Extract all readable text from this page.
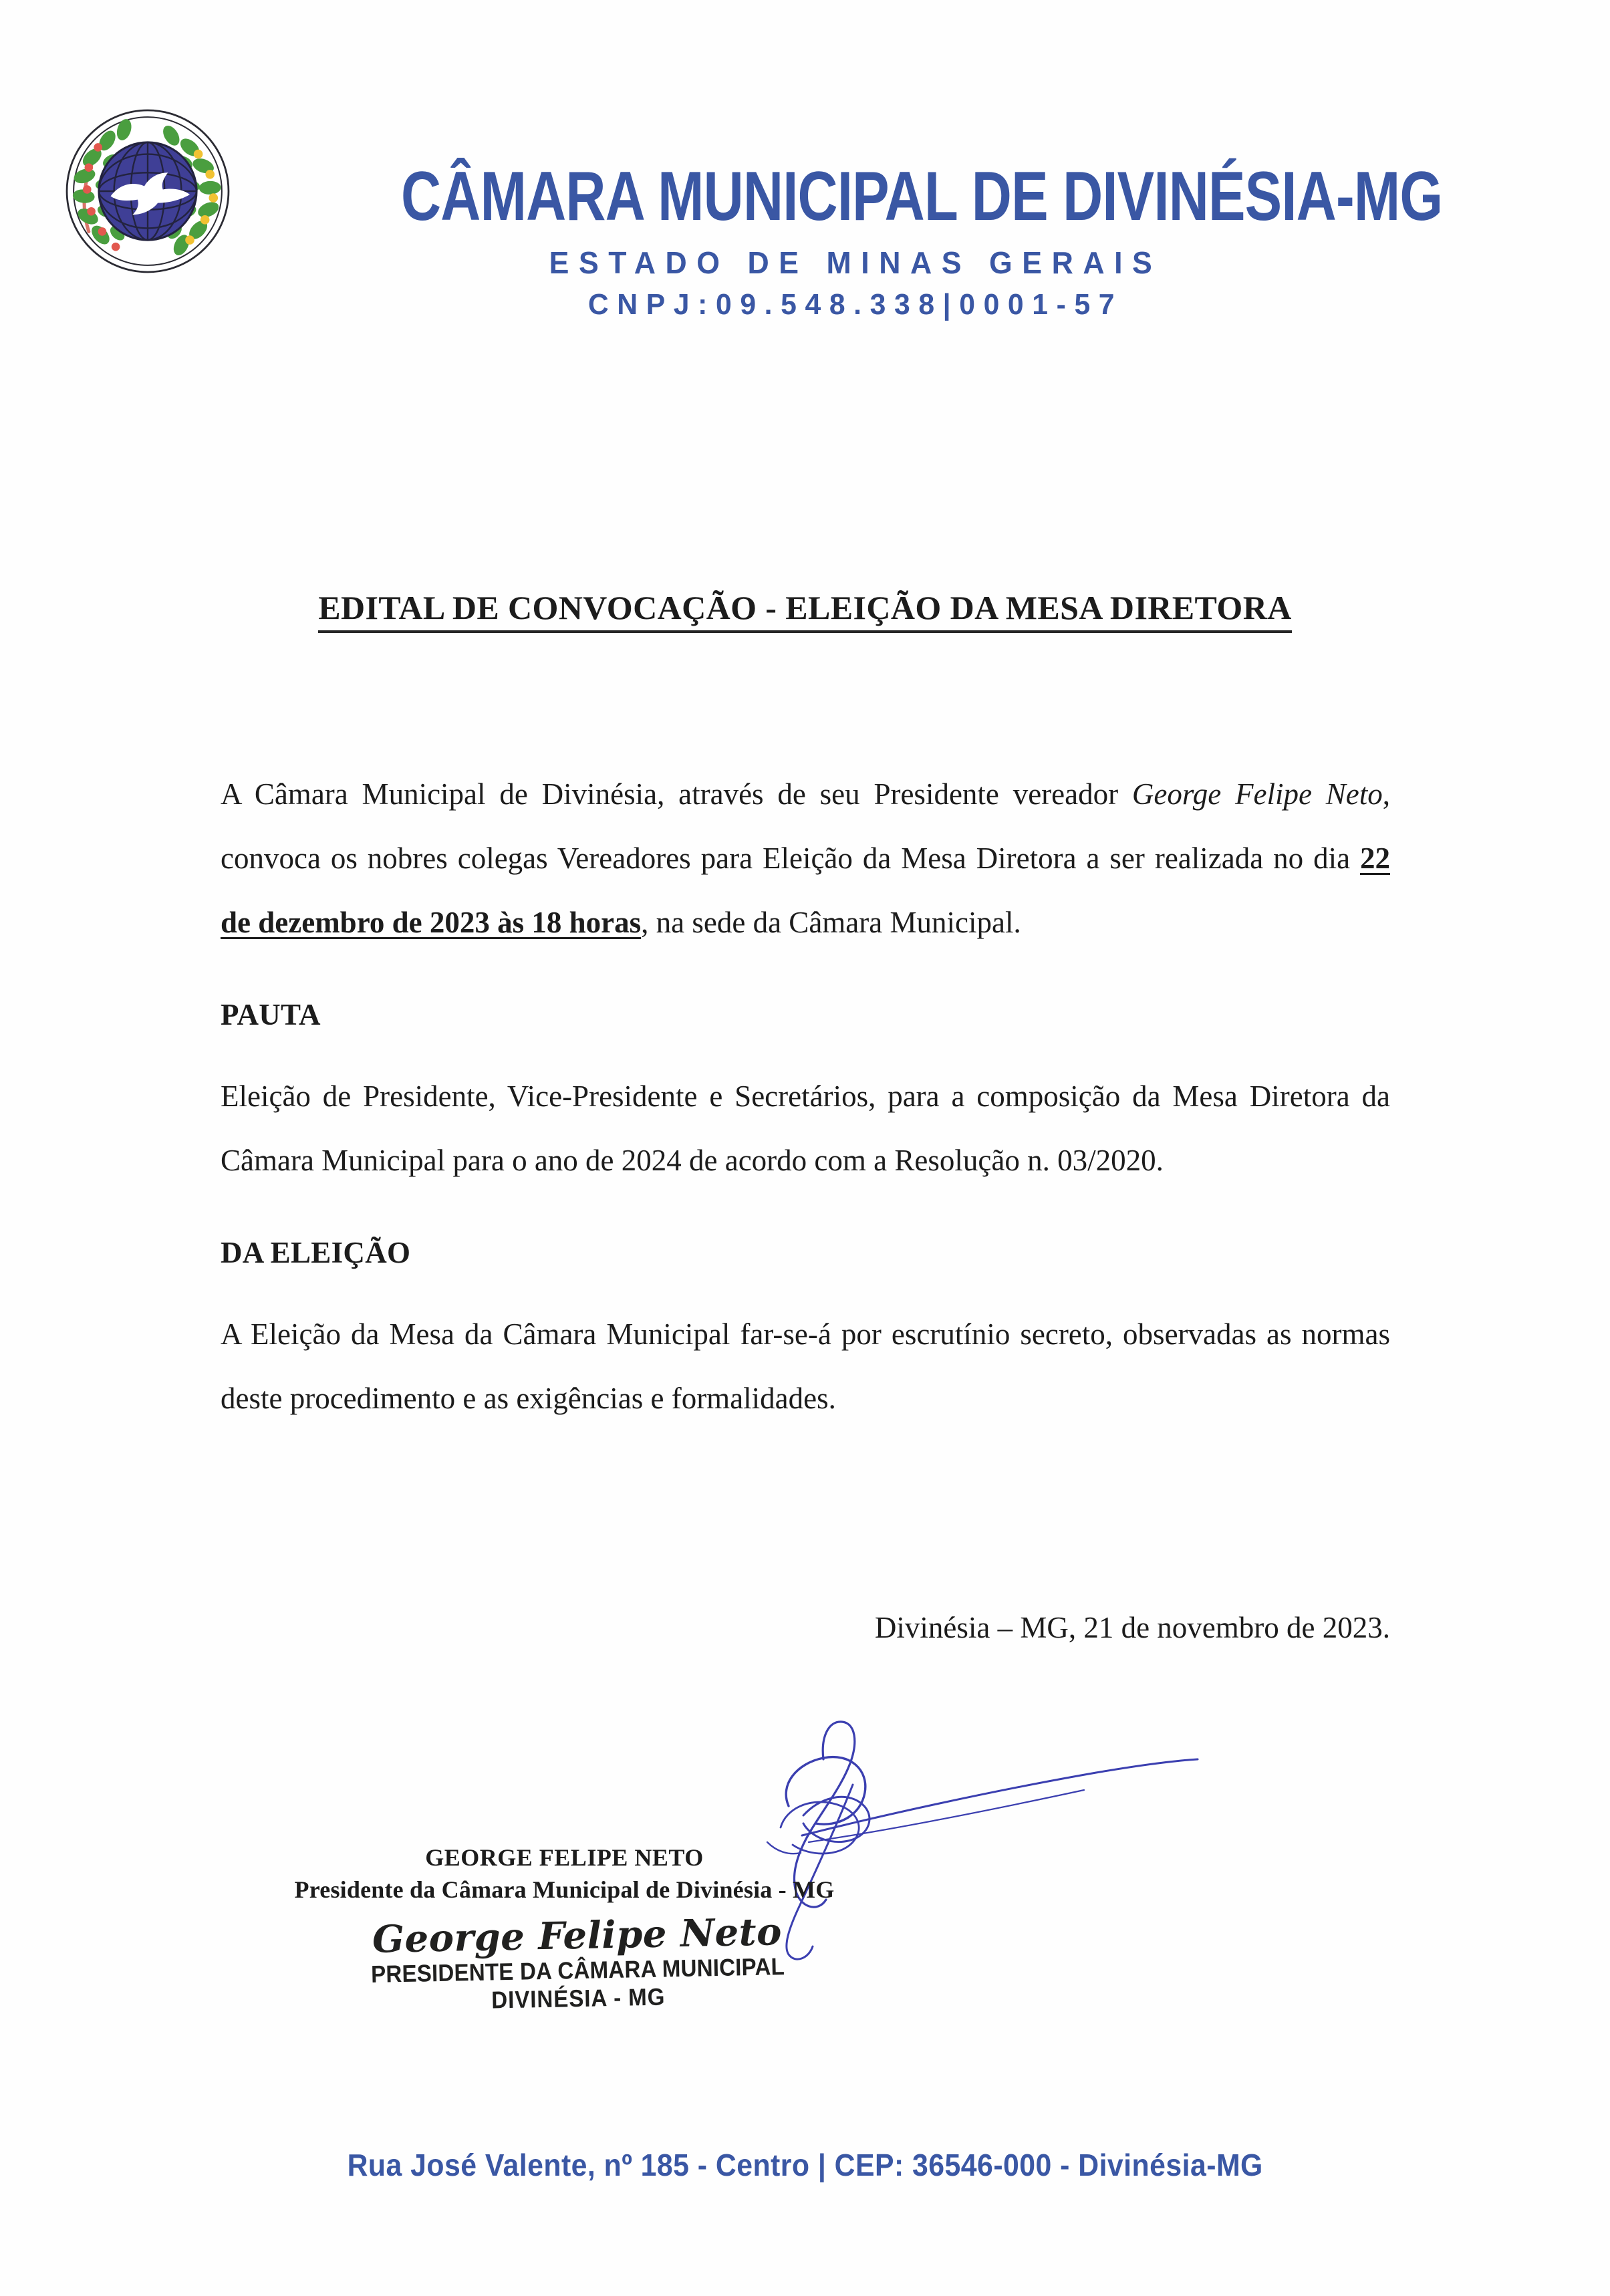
CÂMARA MUNICIPAL DE DIVINÉSIA-MG
ESTADO DE MINAS GERAIS
CNPJ:09.548.338|0001-57
EDITAL DE CONVOCAÇÃO - ELEIÇÃO DA MESA DIRETORA

A Câmara Municipal de Divinésia, através de seu Presidente vereador George Felipe Neto, convoca os nobres colegas Vereadores para Eleição da Mesa Diretora a ser realizada no dia 22 de dezembro de 2023 às 18 horas, na sede da Câmara Municipal.

PAUTA

Eleição de Presidente, Vice-Presidente e Secretários, para a composição da Mesa Diretora da Câmara Municipal para o ano de 2024 de acordo com a Resolução n. 03/2020.

DA ELEIÇÃO

A Eleição da Mesa da Câmara Municipal far-se-á por escrutínio secreto, observadas as normas deste procedimento e as exigências e formalidades.

Divinésia – MG, 21 de novembro de 2023.
GEORGE FELIPE NETO
Presidente da Câmara Municipal de Divinésia - MG
George Felipe Neto
PRESIDENTE DA CÂMARA MUNICIPAL
DIVINÉSIA - MG
Rua José Valente, nº 185 - Centro | CEP: 36546-000 - Divinésia-MG
